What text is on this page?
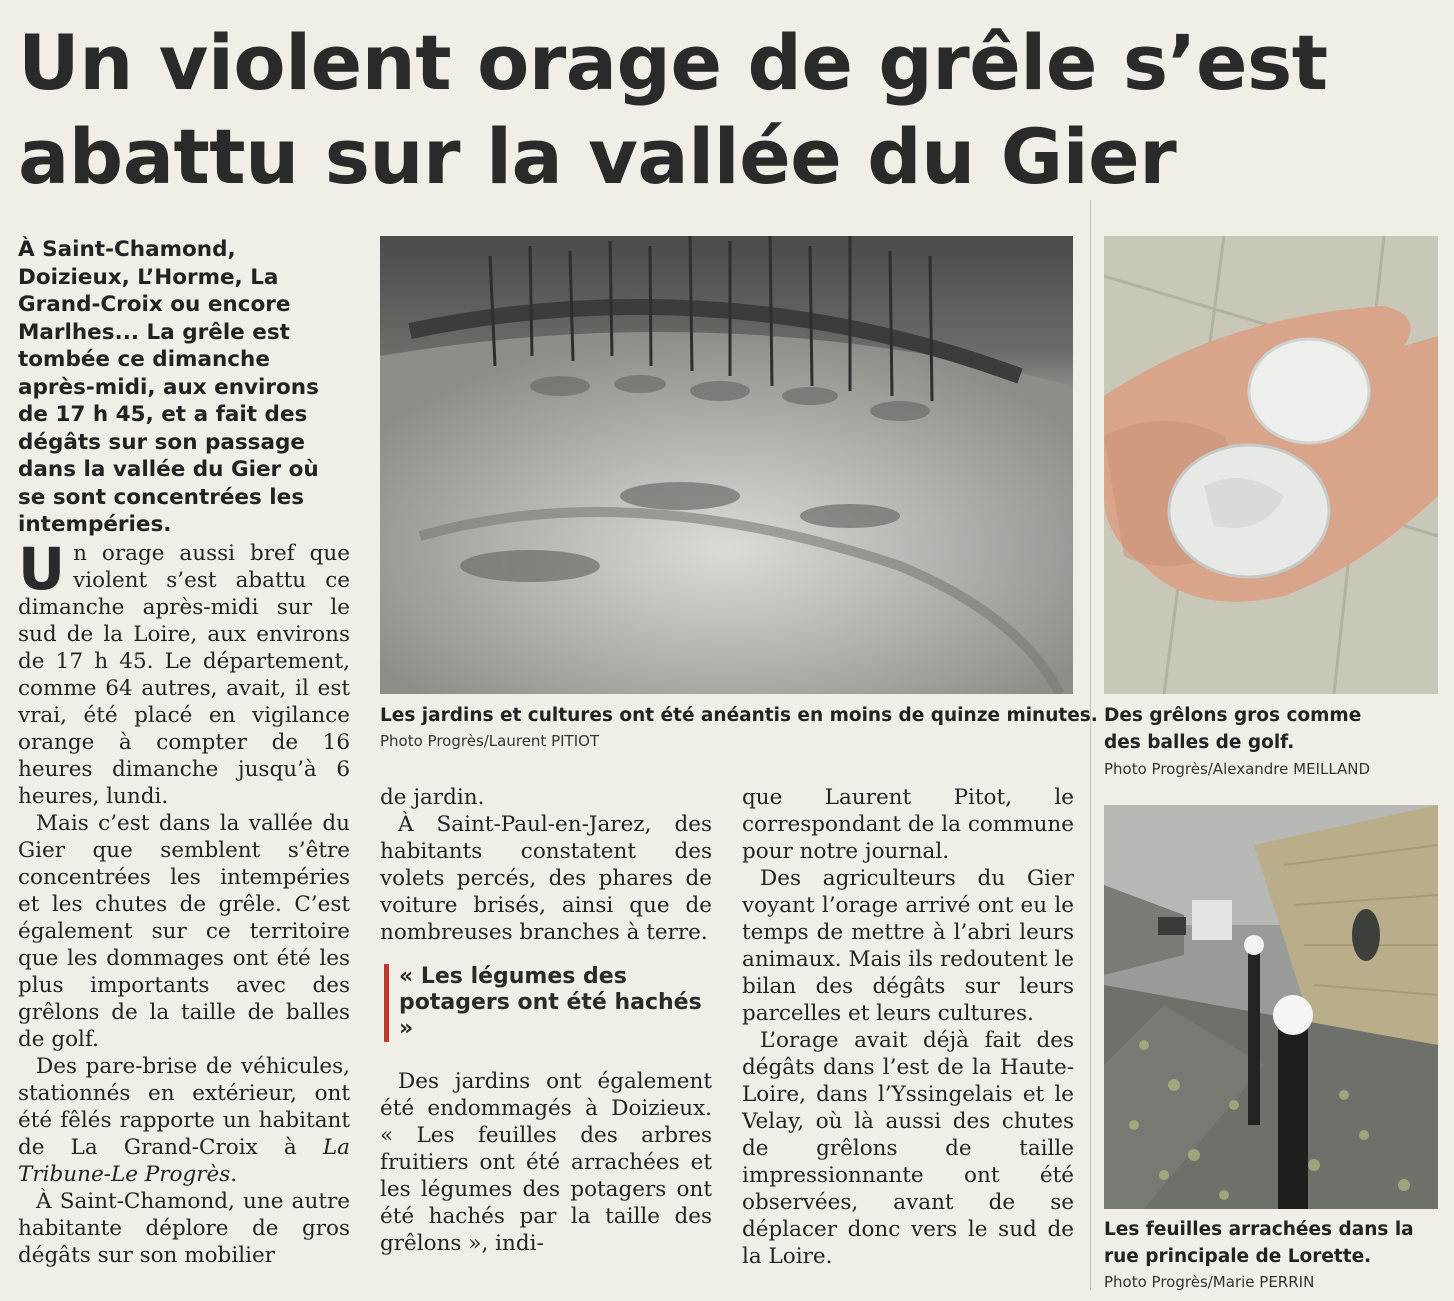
Un violent orage de grêle s’est
abattu sur la vallée du Gier

À Saint-Chamond, Doizieux, L’Horme, La Grand-Croix ou encore Marlhes... La grêle est tombée ce dimanche après-midi, aux environs de 17 h 45, et a fait des dégâts sur son passage dans la vallée du Gier où se sont concentrées les intempéries.

Un orage aussi bref que violent s’est abattu ce dimanche après-midi sur le sud de la Loire, aux environs de 17 h 45. Le département, comme 64 autres, avait, il est vrai, été placé en vigilance orange à compter de 16 heures dimanche jusqu’à 6 heures, lundi.

Mais c’est dans la vallée du Gier que semblent s’être concentrées les intempéries et les chutes de grêle. C’est également sur ce territoire que les dommages ont été les plus importants avec des grêlons de la taille de balles de golf.

Des pare-brise de véhicules, stationnés en extérieur, ont été fêlés rapporte un habitant de La Grand-Croix à La Tribune-Le Progrès.

À Saint-Chamond, une autre habitante déplore de gros dégâts sur son mobilier

Les jardins et cultures ont été anéantis en moins de quinze minutes.
Photo Progrès/Laurent PITIOT

de jardin.

À Saint-Paul-en-Jarez, des habitants constatent des volets percés, des phares de voiture brisés, ainsi que de nombreuses branches à terre.

« Les légumes des potagers ont été hachés »

Des jardins ont également été endommagés à Doizieux. « Les feuilles des arbres fruitiers ont été arrachées et les légumes des potagers ont été hachés par la taille des grêlons », indi-

que Laurent Pitot, le correspondant de la commune pour notre journal.

Des agriculteurs du Gier voyant l’orage arrivé ont eu le temps de mettre à l’abri leurs animaux. Mais ils redoutent le bilan des dégâts sur leurs parcelles et leurs cultures.

L’orage avait déjà fait des dégâts dans l’est de la Haute-Loire, dans l’Yssingelais et le Velay, où là aussi des chutes de grêlons de taille impressionnante ont été observées, avant de se déplacer donc vers le sud de la Loire.

Des grêlons gros comme des balles de golf.
Photo Progrès/Alexandre MEILLAND
Les feuilles arrachées dans la rue principale de Lorette.
Photo Progrès/Marie PERRIN
